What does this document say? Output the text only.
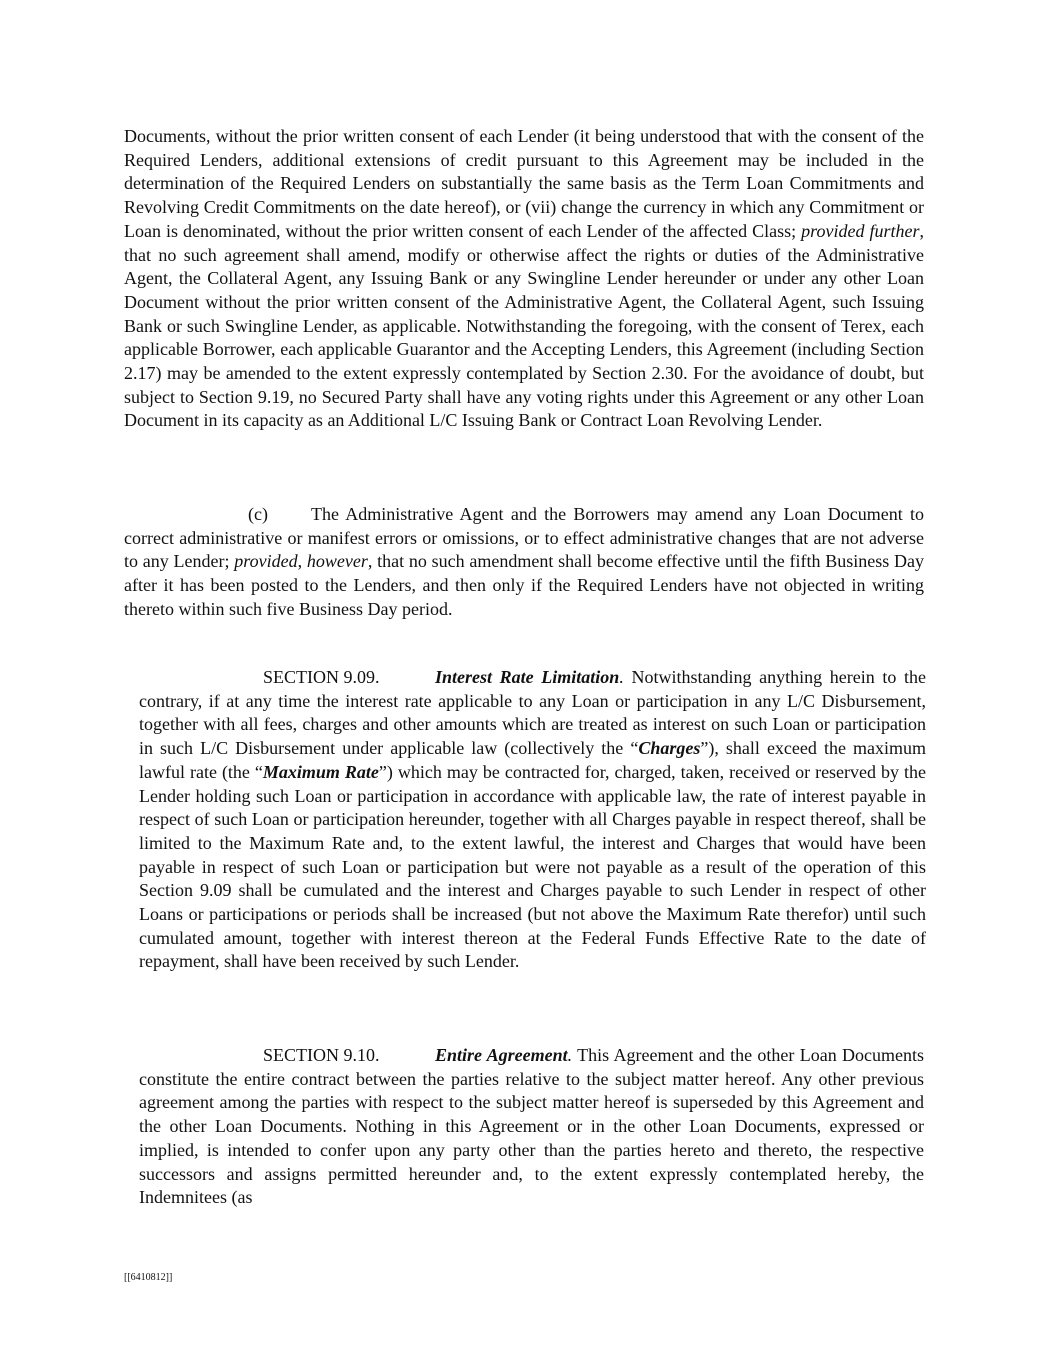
Documents, without the prior written consent of each Lender (it being understood that with the consent of the Required Lenders, additional extensions of credit pursuant to this Agreement may be included in the determination of the Required Lenders on substantially the same basis as the Term Loan Commitments and Revolving Credit Commitments on the date hereof), or (vii) change the currency in which any Commitment or Loan is denominated, without the prior written consent of each Lender of the affected Class; provided further, that no such agreement shall amend, modify or otherwise affect the rights or duties of the Administrative Agent, the Collateral Agent, any Issuing Bank or any Swingline Lender hereunder or under any other Loan Document without the prior written consent of the Administrative Agent, the Collateral Agent, such Issuing Bank or such Swingline Lender, as applicable. Notwithstanding the foregoing, with the consent of Terex, each applicable Borrower, each applicable Guarantor and the Accepting Lenders, this Agreement (including Section 2.17) may be amended to the extent expressly contemplated by Section 2.30. For the avoidance of doubt, but subject to Section 9.19, no Secured Party shall have any voting rights under this Agreement or any other Loan Document in its capacity as an Additional L/C Issuing Bank or Contract Loan Revolving Lender.

(c) The Administrative Agent and the Borrowers may amend any Loan Document to correct administrative or manifest errors or omissions, or to effect administrative changes that are not adverse to any Lender; provided, however, that no such amendment shall become effective until the fifth Business Day after it has been posted to the Lenders, and then only if the Required Lenders have not objected in writing thereto within such five Business Day period.

SECTION 9.09.	Interest Rate Limitation. Notwithstanding anything herein to the contrary, if at any time the interest rate applicable to any Loan or participation in any L/C Disbursement, together with all fees, charges and other amounts which are treated as interest on such Loan or participation in such L/C Disbursement under applicable law (collectively the “Charges”), shall exceed the maximum lawful rate (the “Maximum Rate”) which may be contracted for, charged, taken, received or reserved by the Lender holding such Loan or participation in accordance with applicable law, the rate of interest payable in respect of such Loan or participation hereunder, together with all Charges payable in respect thereof, shall be limited to the Maximum Rate and, to the extent lawful, the interest and Charges that would have been payable in respect of such Loan or participation but were not payable as a result of the operation of this Section 9.09 shall be cumulated and the interest and Charges payable to such Lender in respect of other Loans or participations or periods shall be increased (but not above the Maximum Rate therefor) until such cumulated amount, together with interest thereon at the Federal Funds Effective Rate to the date of repayment, shall have been received by such Lender.

SECTION 9.10.	Entire Agreement. This Agreement and the other Loan Documents constitute the entire contract between the parties relative to the subject matter hereof. Any other previous agreement among the parties with respect to the subject matter hereof is superseded by this Agreement and the other Loan Documents. Nothing in this Agreement or in the other Loan Documents, expressed or implied, is intended to confer upon any party other than the parties hereto and thereto, the respective successors and assigns permitted hereunder and, to the extent expressly contemplated hereby, the Indemnitees (as

[[6410812]]
